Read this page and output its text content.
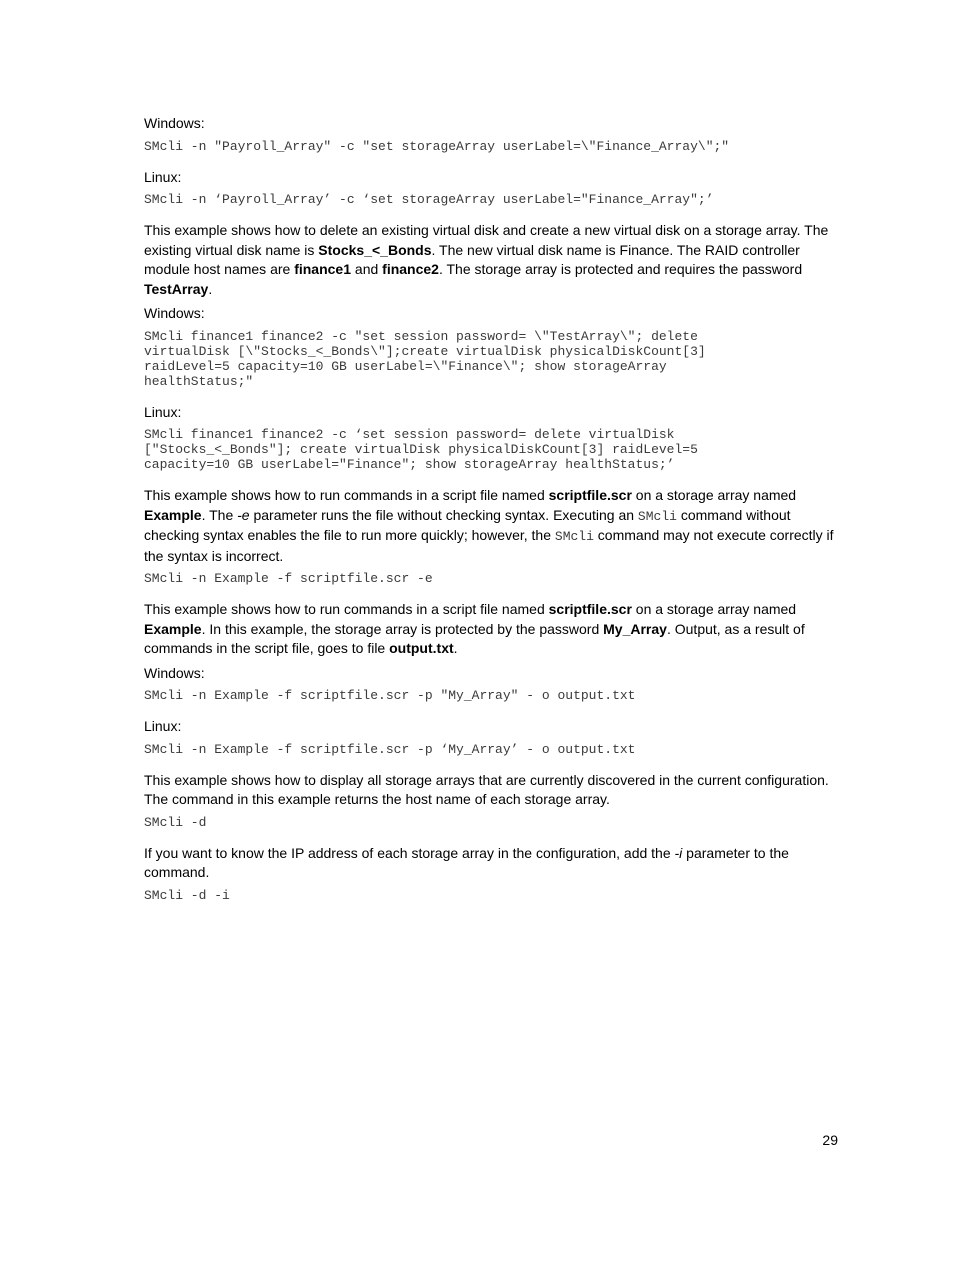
Windows:

SMcli -n "Payroll_Array" -c "set storageArray userLabel=\"Finance_Array\";"

Linux:

SMcli -n ‘Payroll_Array’ -c ‘set storageArray userLabel="Finance_Array";’

This example shows how to delete an existing virtual disk and create a new virtual disk on a storage array. The existing virtual disk name is Stocks_<_Bonds. The new virtual disk name is Finance. The RAID controller module host names are finance1 and finance2. The storage array is protected and requires the password TestArray.

Windows:

SMcli finance1 finance2 -c "set session password= \"TestArray\"; delete
virtualDisk [\"Stocks_<_Bonds\"];create virtualDisk physicalDiskCount[3]
raidLevel=5 capacity=10 GB userLabel=\"Finance\"; show storageArray
healthStatus;"

Linux:

SMcli finance1 finance2 -c ‘set session password= delete virtualDisk
["Stocks_<_Bonds"]; create virtualDisk physicalDiskCount[3] raidLevel=5
capacity=10 GB userLabel="Finance"; show storageArray healthStatus;’

This example shows how to run commands in a script file named scriptfile.scr on a storage array named Example. The -e parameter runs the file without checking syntax. Executing an SMcli command without checking syntax enables the file to run more quickly; however, the SMcli command may not execute correctly if the syntax is incorrect.

SMcli -n Example -f scriptfile.scr -e

This example shows how to run commands in a script file named scriptfile.scr on a storage array named Example. In this example, the storage array is protected by the password My_Array. Output, as a result of commands in the script file, goes to file output.txt.

Windows:

SMcli -n Example -f scriptfile.scr -p "My_Array" - o output.txt

Linux:

SMcli -n Example -f scriptfile.scr -p ‘My_Array’ - o output.txt

This example shows how to display all storage arrays that are currently discovered in the current configuration. The command in this example returns the host name of each storage array.

SMcli -d

If you want to know the IP address of each storage array in the configuration, add the -i parameter to the command.

SMcli -d -i
29
